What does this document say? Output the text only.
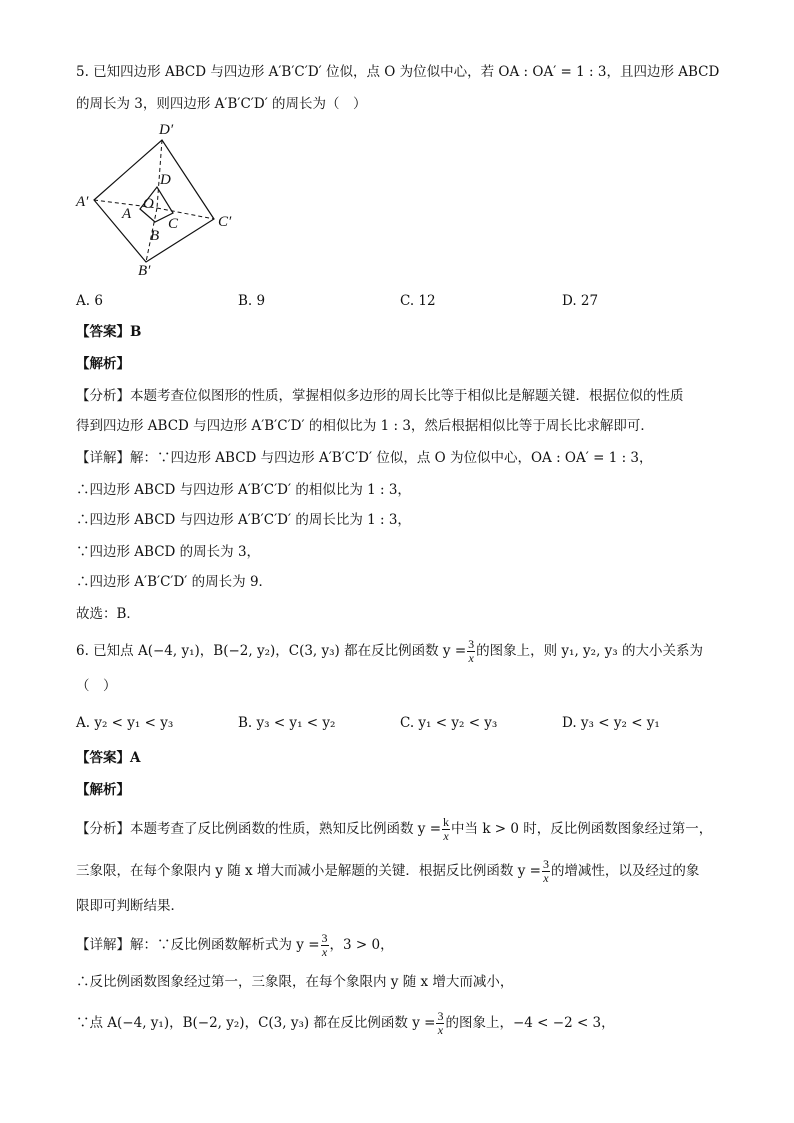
5. 已知四边形 ABCD 与四边形 A′B′C′D′ 位似，点 O 为位似中心，若 OA : OA′ = 1 : 3，且四边形 ABCD
的周长为 3，则四边形 A′B′C′D′ 的周长为（　）
D′
D
A′	O
A
C	C′
B
B′
A. 6	B. 9	C. 12	D. 27
【答案】B
【解析】
【分析】本题考查位似图形的性质，掌握相似多边形的周长比等于相似比是解题关键．根据位似的性质
得到四边形 ABCD 与四边形 A′B′C′D′ 的相似比为 1 : 3，然后根据相似比等于周长比求解即可．
【详解】解：∵四边形 ABCD 与四边形 A′B′C′D′ 位似，点 O 为位似中心，OA : OA′ = 1 : 3，
∴四边形 ABCD 与四边形 A′B′C′D′ 的相似比为 1 : 3，
∴四边形 ABCD 与四边形 A′B′C′D′ 的周长比为 1 : 3，
∵四边形 ABCD 的周长为 3，
∴四边形 A′B′C′D′ 的周长为 9．
故选：B．
6. 已知点 A(−4, y₁)，B(−2, y₂)，C(3, y₃) 都在反比例函数 $y = \frac{3}{x}$ 的图象上，则 y₁, y₂, y₃ 的大小关系为
（　）
A. y₂ < y₁ < y₃	B. y₃ < y₁ < y₂	C. y₁ < y₂ < y₃	D. y₃ < y₂ < y₁
【答案】A
【解析】
【分析】本题考查了反比例函数的性质，熟知反比例函数 $y = \frac{k}{x}$ 中当 k > 0 时，反比例函数图象经过第一，
三象限，在每个象限内 y 随 x 增大而减小是解题的关键．根据反比例函数 $y = \frac{3}{x}$ 的增减性，以及经过的象
限即可判断结果．
【详解】解：∵反比例函数解析式为 $y = \frac{3}{x}$ ，3 > 0，
∴反比例函数图象经过第一，三象限，在每个象限内 y 随 x 增大而减小，
∵点 A(−4, y₁)，B(−2, y₂)，C(3, y₃) 都在反比例函数 $y = \frac{3}{x}$ 的图象上，−4 < −2 < 3，
